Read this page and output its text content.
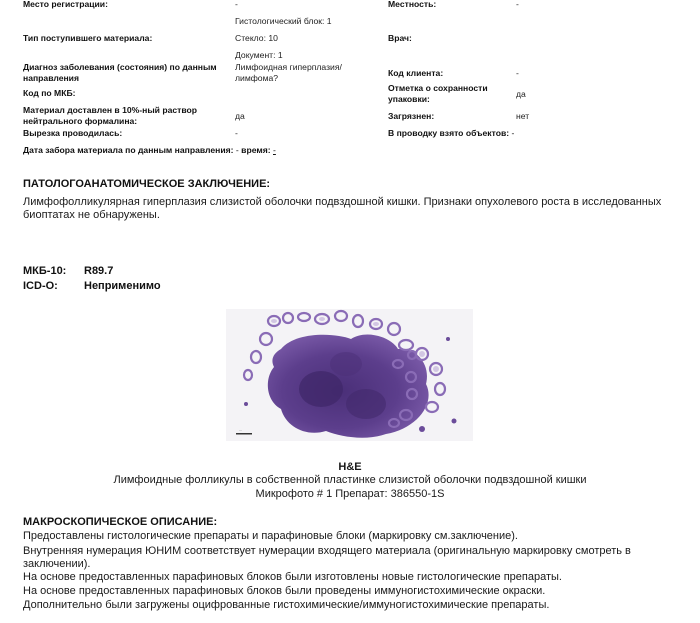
Место регистрации:	-
Гистологический блок: 1
Тип поступившего материала:	Стекло: 10
Документ: 1
Диагноз заболевания (состояния) по данным направления
Лимфоидная гиперплазия/лимфома?
Код по МКБ:
Материал доставлен в 10%-ный раствор нейтрального формалина:	да
Вырезка проводилась:	-
Дата забора материала по данным направления: - время: -
Местность:	-
Врач:
Код клиента:	-
Отметка о сохранности упаковки:	да
Загрязнен:	нет
В проводку взято объектов: -
ПАТОЛОГОАНАТОМИЧЕСКОЕ ЗАКЛЮЧЕНИЕ:
Лимфофолликулярная гиперплазия слизистой оболочки подвздошной кишки. Признаки опухолевого роста в исследованных биоптатах не обнаружены.
МКБ-10: R89.7
ICD-O: Неприменимо
...
H&E
Лимфоидные фолликулы в собственной пластинке слизистой оболочки подвздошной кишки
Микрофото # 1 Препарат: 386550-1S
МАКРОСКОПИЧЕСКОЕ ОПИСАНИЕ:
Предоставлены гистологические препараты и парафиновые блоки (маркировку см.заключение).
Внутренняя нумерация ЮНИМ соответствует нумерации входящего материала (оригинальную маркировку смотреть в заключении).
На основе предоставленных парафиновых блоков были изготовлены новые гистологические препараты.
На основе предоставленных парафиновых блоков были проведены иммуногистохимические окраски.
Дополнительно были загружены оцифрованные гистохимические/иммуногистохимические препараты.
